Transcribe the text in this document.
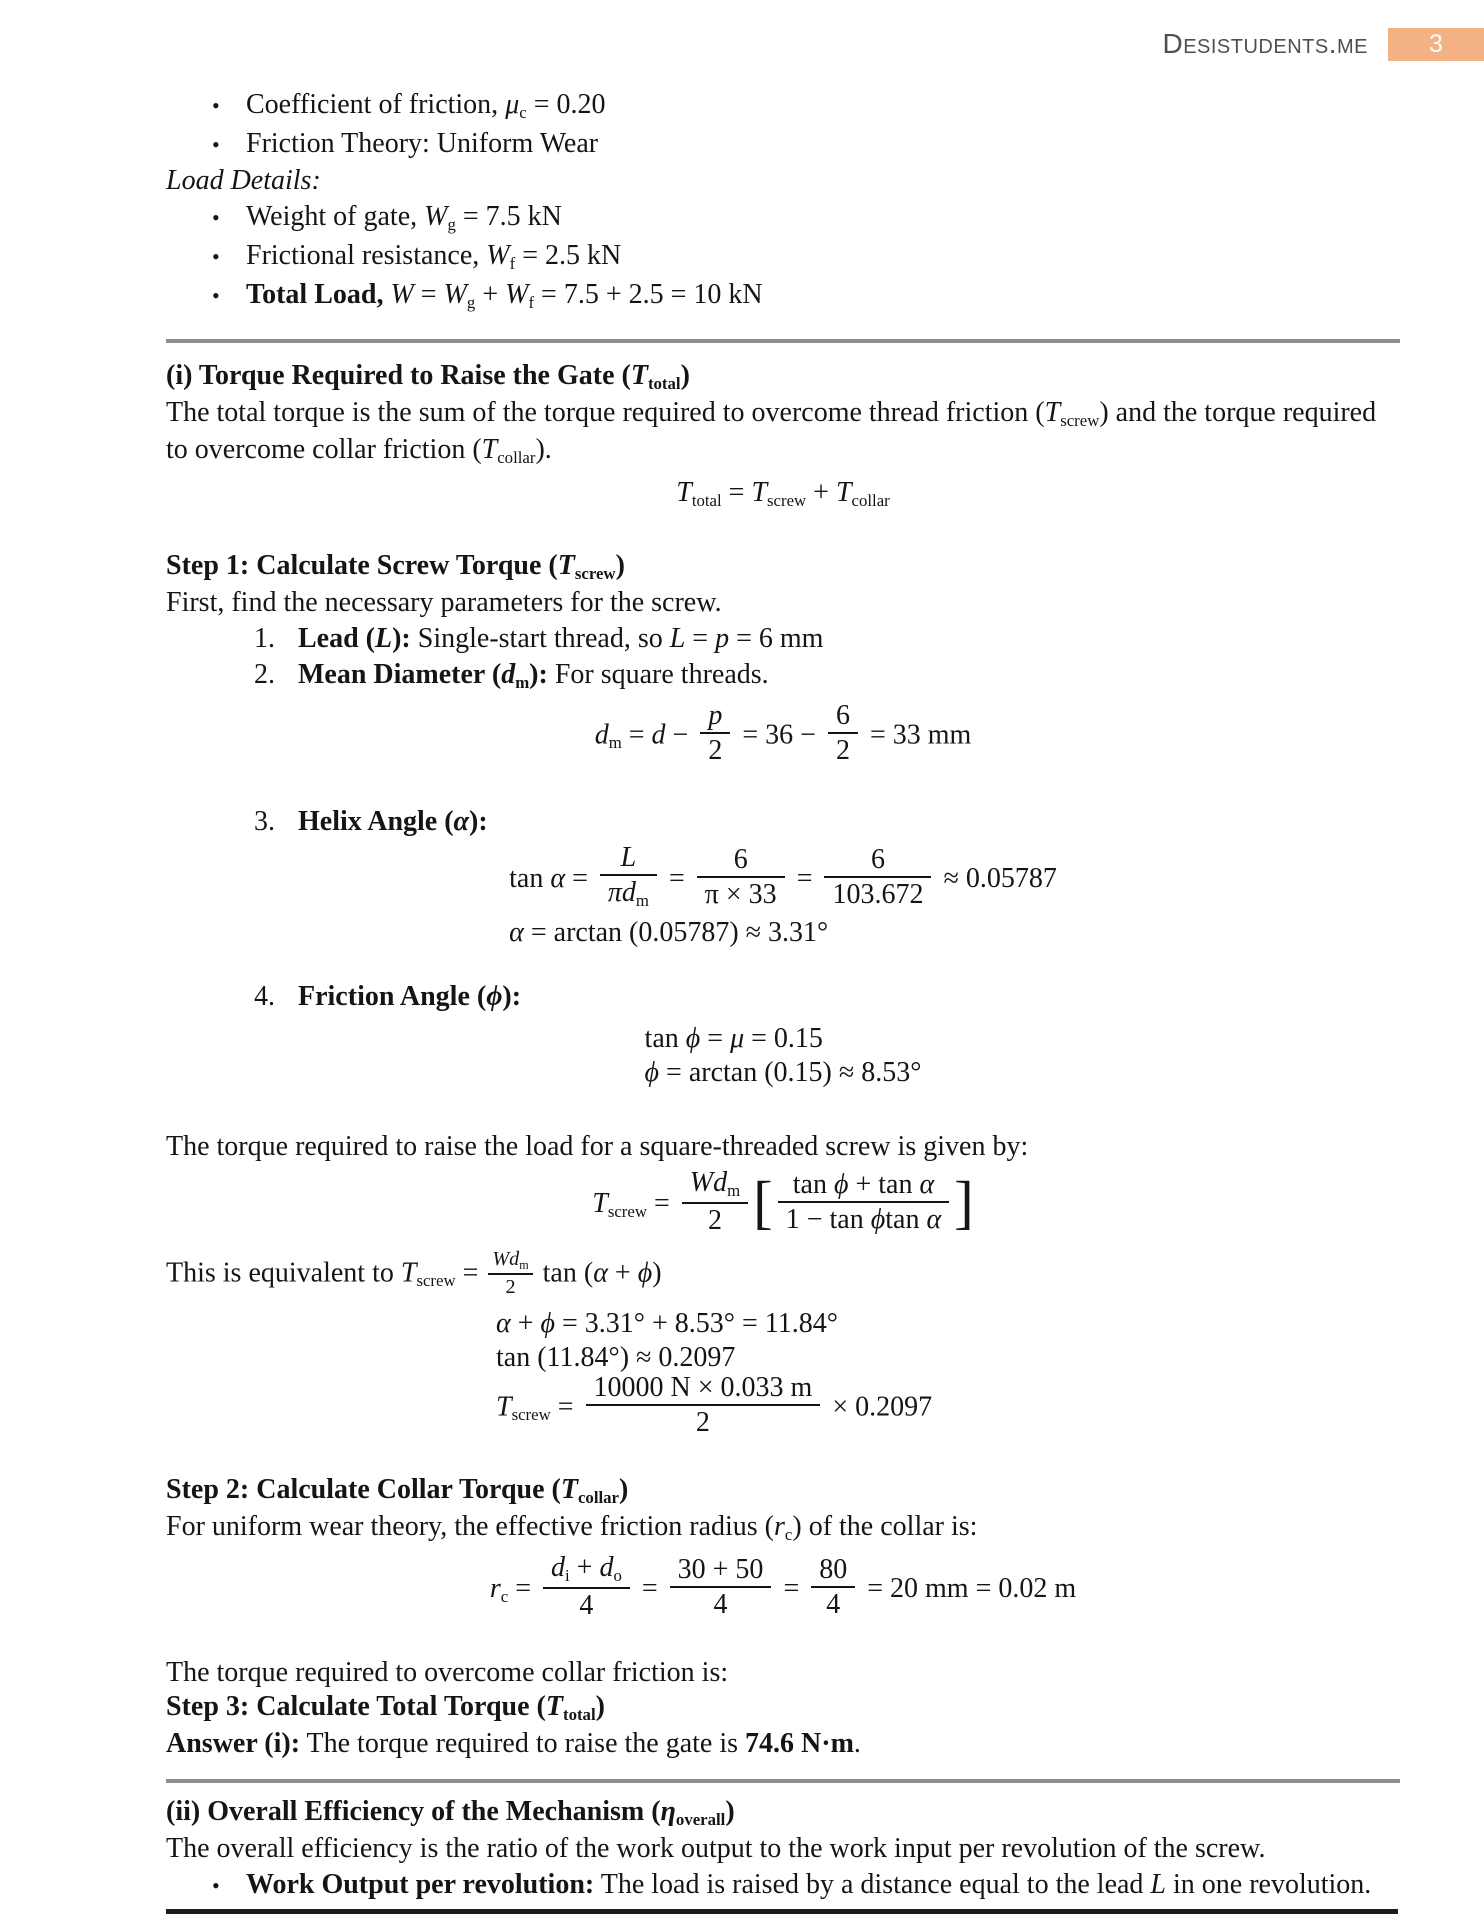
Desistudents.me	3
• Coefficient of friction, μc = 0.20
• Friction Theory: Uniform Wear
Load Details:
• Weight of gate, Wg = 7.5 kN
• Frictional resistance, Wf = 2.5 kN
• Total Load, W = Wg + Wf = 7.5 + 2.5 = 10 kN
(i) Torque Required to Raise the Gate (Ttotal)
The total torque is the sum of the torque required to overcome thread friction (Tscrew) and the torque required to overcome collar friction (Tcollar).
Ttotal = Tscrew + Tcollar
Step 1: Calculate Screw Torque (Tscrew)
First, find the necessary parameters for the screw.
1. Lead (L): Single-start thread, so L = p = 6 mm
2. Mean Diameter (dm): For square threads.
dm = $d - \frac{p}{2} = 36 - \frac{6}{2} = 33$ mm
3. Helix Angle (α):
$\tan \alpha = \frac{L}{\text{πdm}} = \frac{6}{\pi \times 33} = \frac{6}{103.672} \approx 0.05787$
α = arctan (0.05787) ≈ 3.31°
4. Friction Angle (ϕ):
tan ϕ = μ = 0.15
ϕ = arctan (0.15) ≈ 8.53°
The torque required to raise the load for a square-threaded screw is given by:
Tscrew = $\frac{\text{Wdm}}{2}$ [ $\frac{\text{tan ϕ + tan α}}{\text{1 − tan ϕtan α}}$ ]
This is equivalent to Tscrew = $\frac{\text{Wdm}}{2}$ tan (α + ϕ)
α + ϕ = 3.31° + 8.53° = 11.84°
tan (11.84°) ≈ 0.2097
Tscrew = $\frac{10000 N \times 0.033 m}{2} \times 0.2097$
Step 2: Calculate Collar Torque (Tcollar)
For uniform wear theory, the effective friction radius (rc) of the collar is:
rc = $\frac{di + do}{4} = \frac{30 + 50}{4} = \frac{80}{4} = 20$ mm = 0.02 m
The torque required to overcome collar friction is:
Step 3: Calculate Total Torque (Ttotal)
Answer (i): The torque required to raise the gate is 74.6 N·m.
(ii) Overall Efficiency of the Mechanism (ηoverall)
The overall efficiency is the ratio of the work output to the work input per revolution of the screw.
• Work Output per revolution: The load is raised by a distance equal to the lead L in one revolution.
